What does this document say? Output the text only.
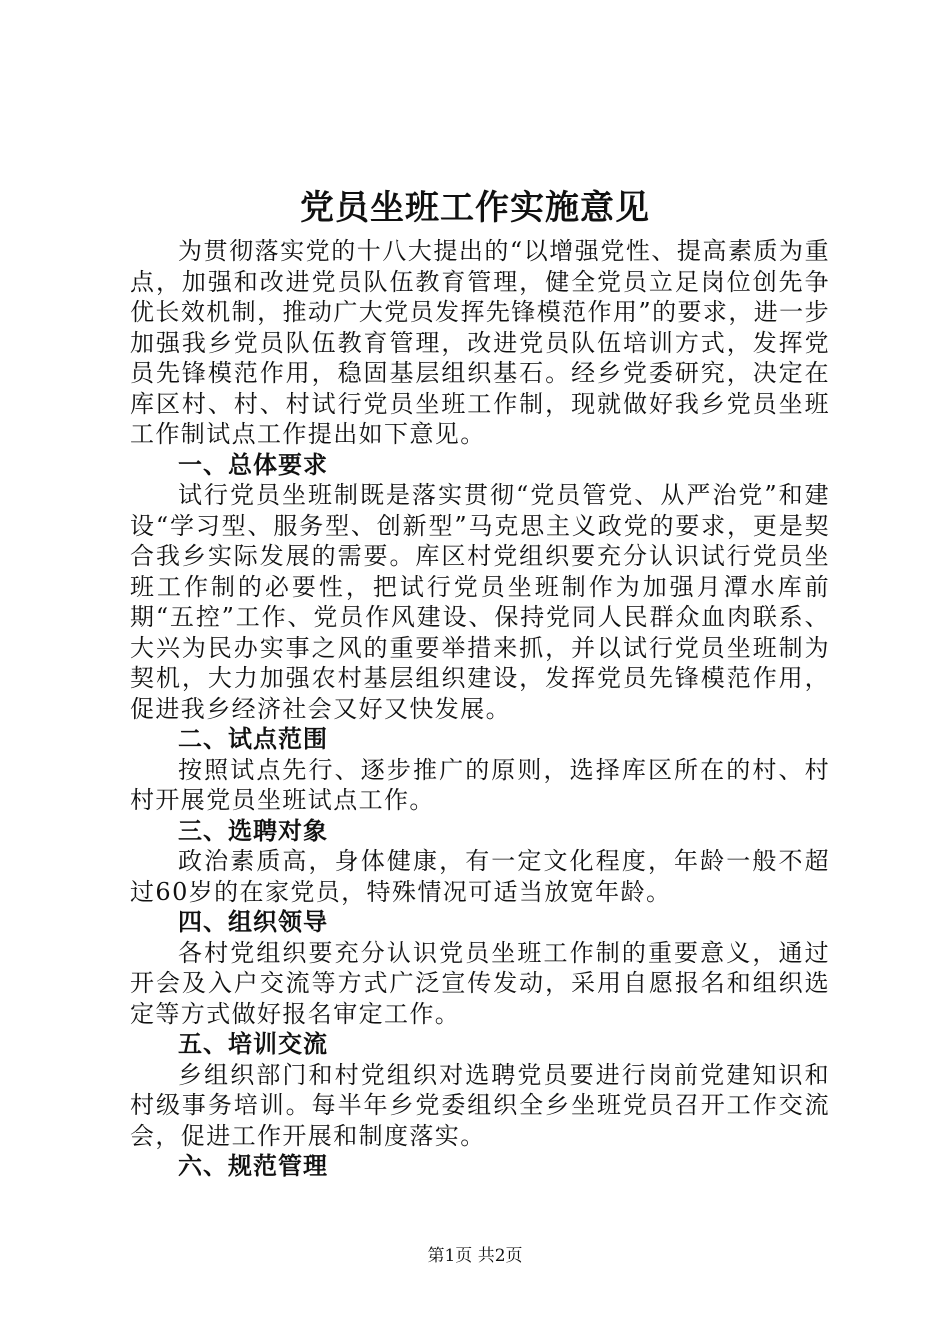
党员坐班工作实施意见

为贯彻落实党的十八大提出的“以增强党性、提高素质为重点，加强和改进党员队伍教育管理，健全党员立足岗位创先争优长效机制，推动广大党员发挥先锋模范作用”的要求，进一步加强我乡党员队伍教育管理，改进党员队伍培训方式，发挥党员先锋模范作用，稳固基层组织基石。经乡党委研究，决定在库区村、村、村试行党员坐班工作制，现就做好我乡党员坐班工作制试点工作提出如下意见。

一、总体要求

试行党员坐班制既是落实贯彻“党员管党、从严治党”和建设“学习型、服务型、创新型”马克思主义政党的要求，更是契合我乡实际发展的需要。库区村党组织要充分认识试行党员坐班工作制的必要性，把试行党员坐班制作为加强月潭水库前期“五控”工作、党员作风建设、保持党同人民群众血肉联系、大兴为民办实事之风的重要举措来抓，并以试行党员坐班制为契机，大力加强农村基层组织建设，发挥党员先锋模范作用，促进我乡经济社会又好又快发展。

二、试点范围

按照试点先行、逐步推广的原则，选择库区所在的村、村村开展党员坐班试点工作。

三、选聘对象

政治素质高，身体健康，有一定文化程度，年龄一般不超过60岁的在家党员，特殊情况可适当放宽年龄。

四、组织领导

各村党组织要充分认识党员坐班工作制的重要意义，通过开会及入户交流等方式广泛宣传发动，采用自愿报名和组织选定等方式做好报名审定工作。

五、培训交流

乡组织部门和村党组织对选聘党员要进行岗前党建知识和村级事务培训。每半年乡党委组织全乡坐班党员召开工作交流会，促进工作开展和制度落实。

六、规范管理
第1页 共2页
